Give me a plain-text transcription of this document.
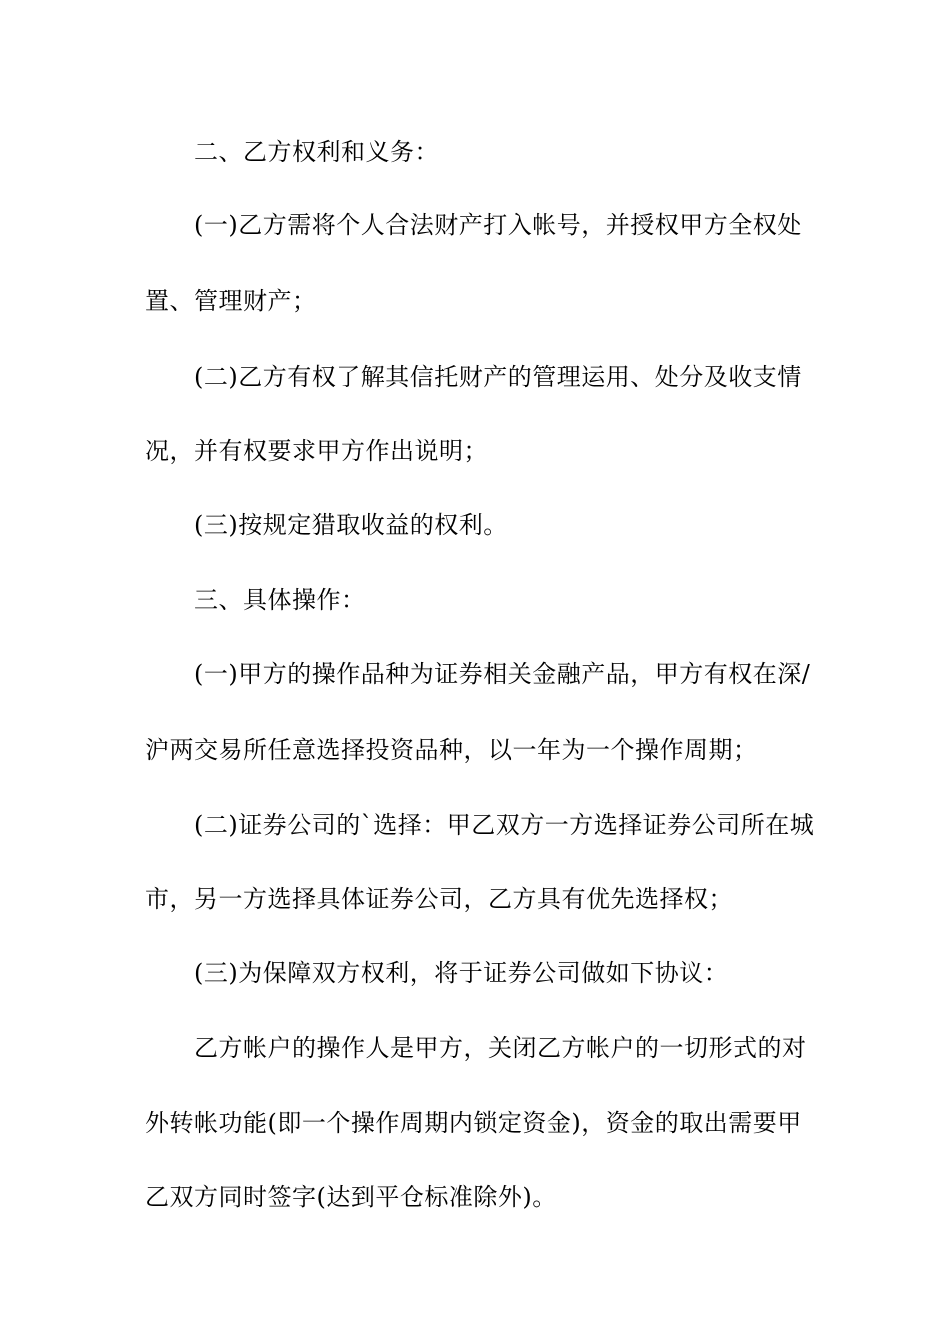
二、乙方权利和义务：
(一)乙方需将个人合法财产打入帐号，并授权甲方全权处
置、管理财产；
(二)乙方有权了解其信托财产的管理运用、处分及收支情
况，并有权要求甲方作出说明；
(三)按规定猎取收益的权利。
三、具体操作：
(一)甲方的操作品种为证券相关金融产品，甲方有权在深/
沪两交易所任意选择投资品种，以一年为一个操作周期；
(二)证券公司的`选择：甲乙双方一方选择证券公司所在城
市，另一方选择具体证券公司，乙方具有优先选择权；
(三)为保障双方权利，将于证券公司做如下协议：
乙方帐户的操作人是甲方，关闭乙方帐户的一切形式的对
外转帐功能(即一个操作周期内锁定资金)，资金的取出需要甲
乙双方同时签字(达到平仓标准除外)。
